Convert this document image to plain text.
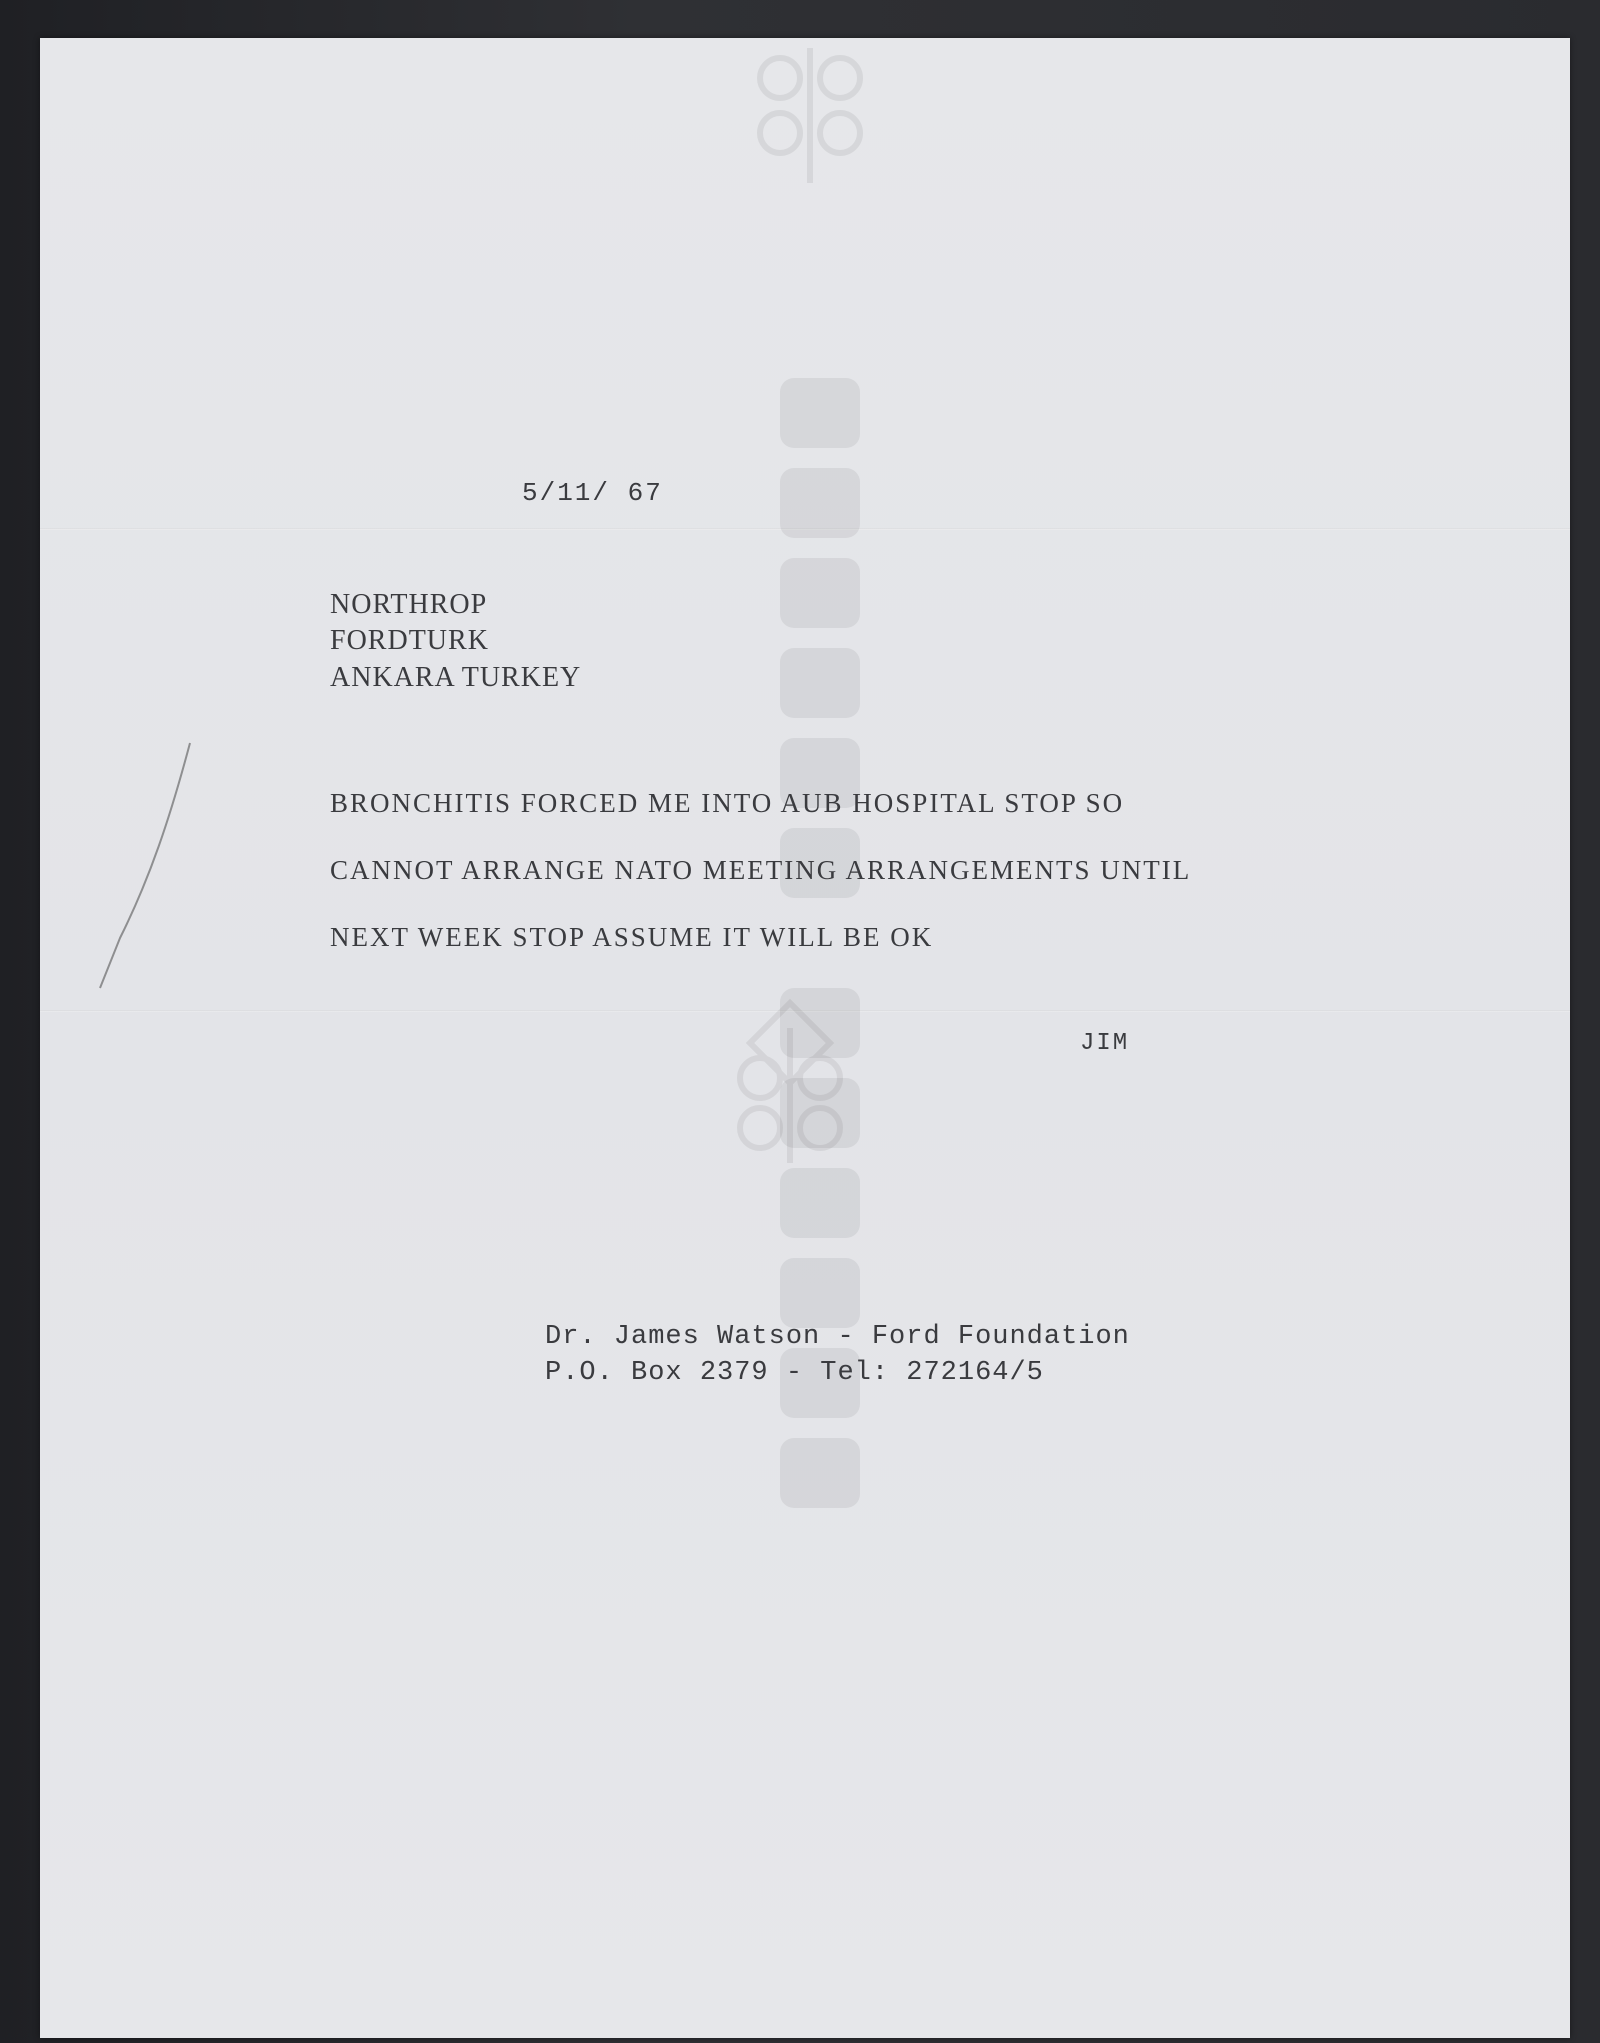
5/11/ 67

NORTHROP

FORDTURK

ANKARA TURKEY

BRONCHITIS FORCED ME INTO AUB HOSPITAL STOP SO

CANNOT ARRANGE NATO MEETING ARRANGEMENTS UNTIL

NEXT WEEK STOP ASSUME IT WILL BE OK

JIM

Dr. James Watson - Ford Foundation

P.O. Box 2379 - Tel: 272164/5
